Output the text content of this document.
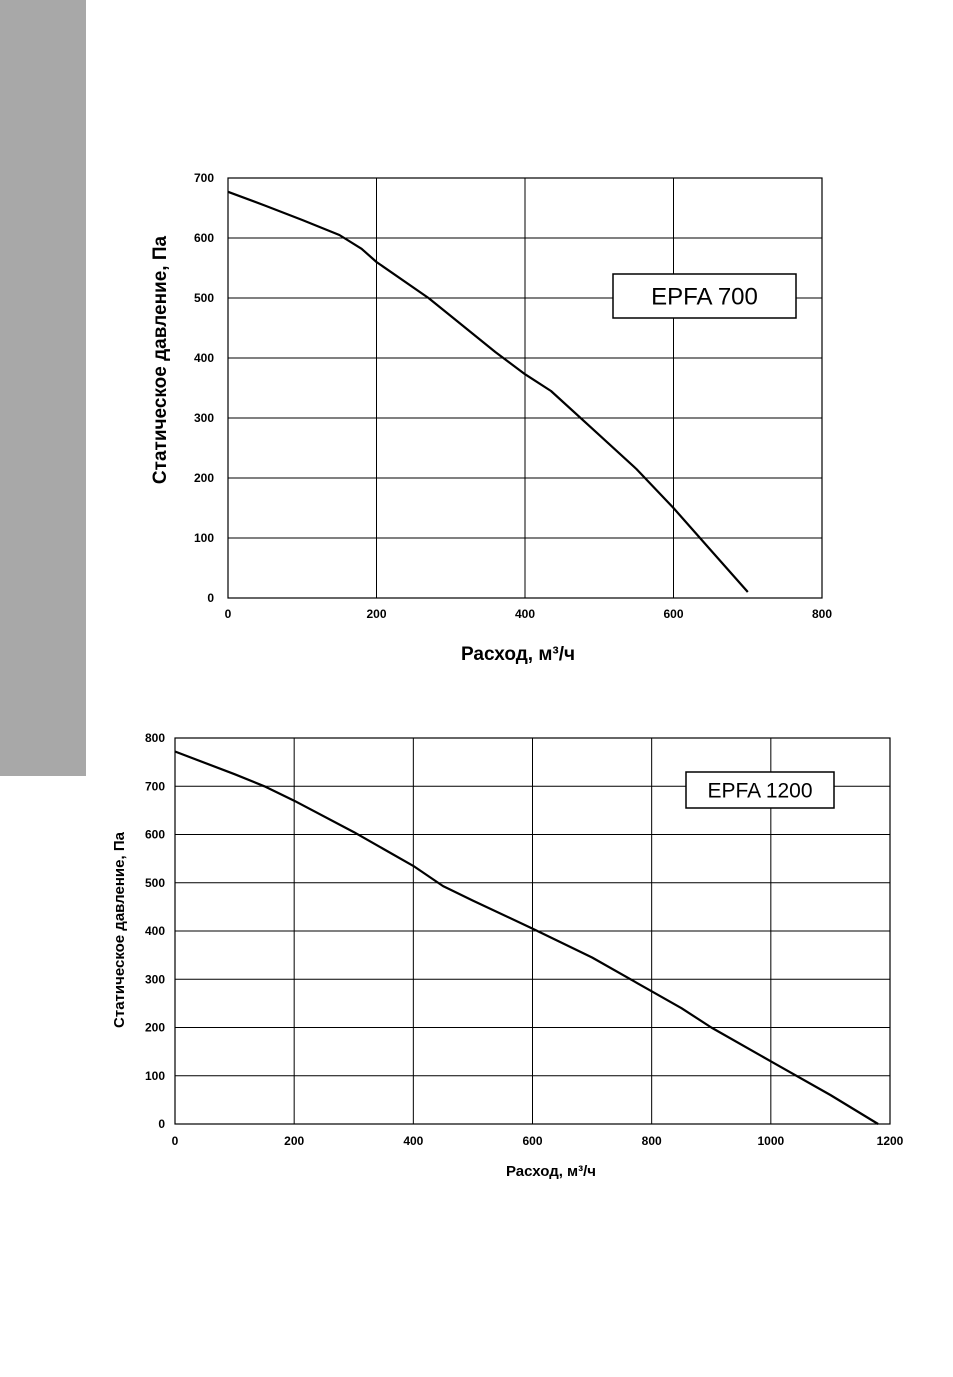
0	200	400	600	800
0
100
200
300
400
500
600
700
Расход, м³/ч
Статическое давление, Па	EPFA 700
0	200	400	600	800	1000	1200
0
100
200
300
400
500
600
700
800
Расход, м³/ч
Статическое давление, Па
EPFA 1200
